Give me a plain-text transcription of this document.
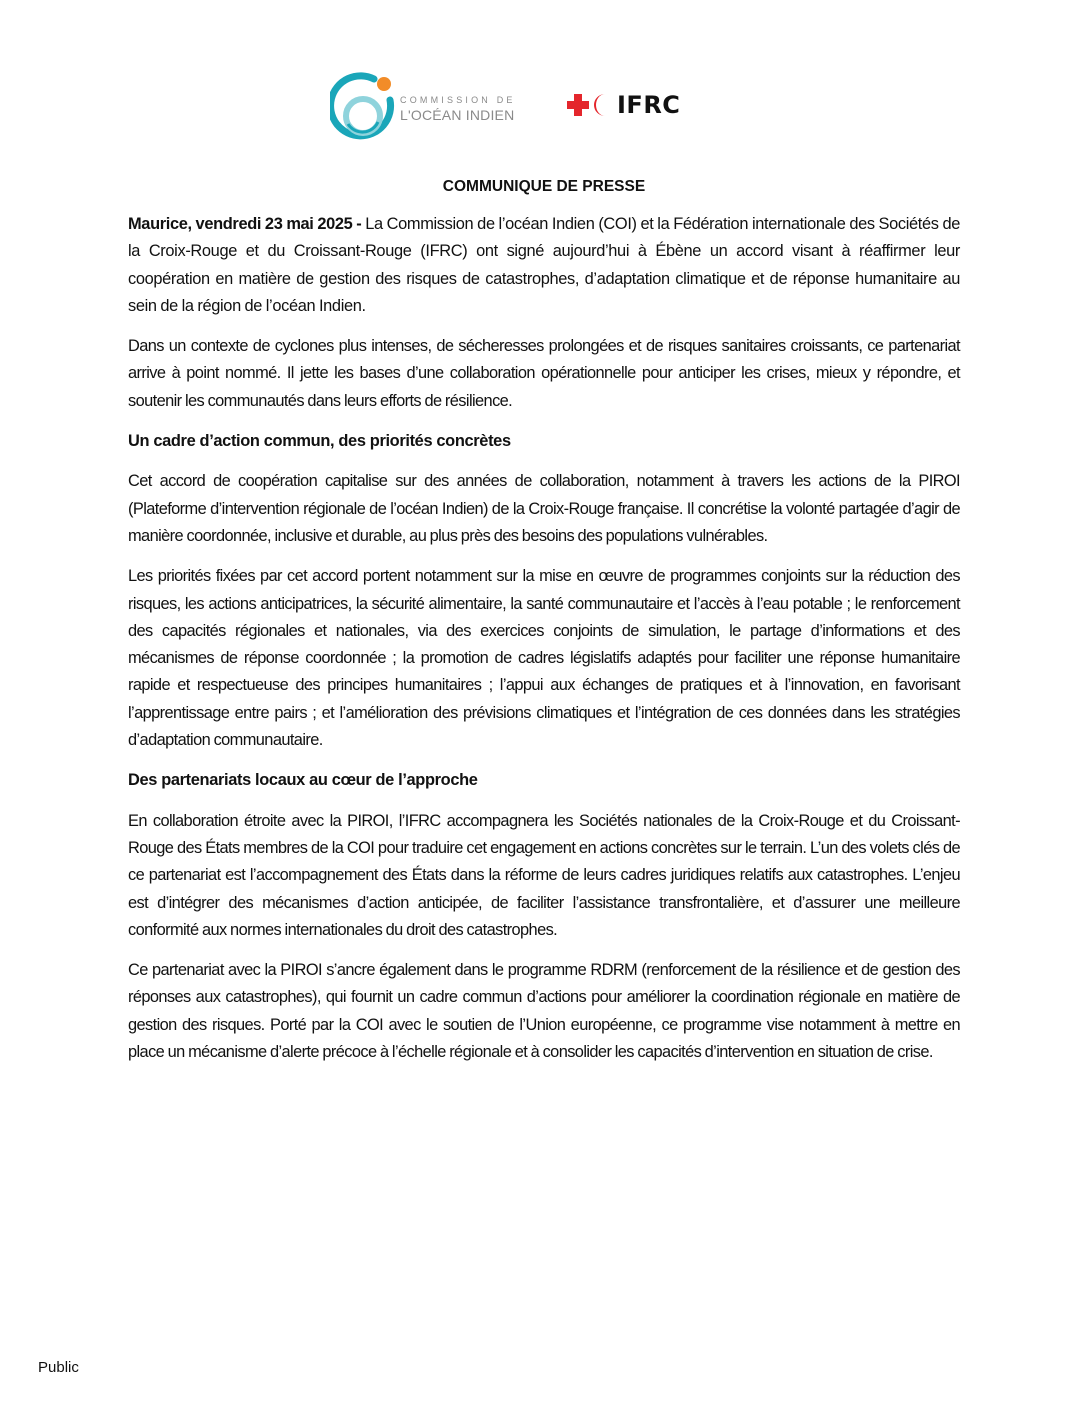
COMMISSION DE
L'OCÉAN INDIEN	IFRC

COMMUNIQUE DE PRESSE

Maurice, vendredi 23 mai 2025 - La Commission de l’océan Indien (COI) et la Fédération internationale des Sociétés de la Croix-Rouge et du Croissant-Rouge (IFRC) ont signé aujourd’hui à Ébène un accord visant à réaffirmer leur coopération en matière de gestion des risques de catastrophes, d’adaptation climatique et de réponse humanitaire au sein de la région de l’océan Indien.

Dans un contexte de cyclones plus intenses, de sécheresses prolongées et de risques sanitaires croissants, ce partenariat arrive à point nommé. Il jette les bases d’une collaboration opérationnelle pour anticiper les crises, mieux y répondre, et soutenir les communautés dans leurs efforts de résilience.

Un cadre d’action commun, des priorités concrètes

Cet accord de coopération capitalise sur des années de collaboration, notamment à travers les actions de la PIROI (Plateforme d’intervention régionale de l’océan Indien) de la Croix-Rouge française. Il concrétise la volonté partagée d’agir de manière coordonnée, inclusive et durable, au plus près des besoins des populations vulnérables.

Les priorités fixées par cet accord portent notamment sur la mise en œuvre de programmes conjoints sur la réduction des risques, les actions anticipatrices, la sécurité alimentaire, la santé communautaire et l’accès à l’eau potable ; le renforcement des capacités régionales et nationales, via des exercices conjoints de simulation, le partage d’informations et des mécanismes de réponse coordonnée ; la promotion de cadres législatifs adaptés pour faciliter une réponse humanitaire rapide et respectueuse des principes humanitaires ; l’appui aux échanges de pratiques et à l’innovation, en favorisant l’apprentissage entre pairs ; et l’amélioration des prévisions climatiques et l’intégration de ces données dans les stratégies d’adaptation communautaire.

Des partenariats locaux au cœur de l’approche

En collaboration étroite avec la PIROI, l’IFRC accompagnera les Sociétés nationales de la Croix-Rouge et du Croissant-Rouge des États membres de la COI pour traduire cet engagement en actions concrètes sur le terrain. L’un des volets clés de ce partenariat est l’accompagnement des États dans la réforme de leurs cadres juridiques relatifs aux catastrophes. L’enjeu est d’intégrer des mécanismes d’action anticipée, de faciliter l’assistance transfrontalière, et d’assurer une meilleure conformité aux normes internationales du droit des catastrophes.

Ce partenariat avec la PIROI s’ancre également dans le programme RDRM (renforcement de la résilience et de gestion des réponses aux catastrophes), qui fournit un cadre commun d’actions pour améliorer la coordination régionale en matière de gestion des risques. Porté par la COI avec le soutien de l’Union européenne, ce programme vise notamment à mettre en place un mécanisme d’alerte précoce à l’échelle régionale et à consolider les capacités d’intervention en situation de crise.

Public
